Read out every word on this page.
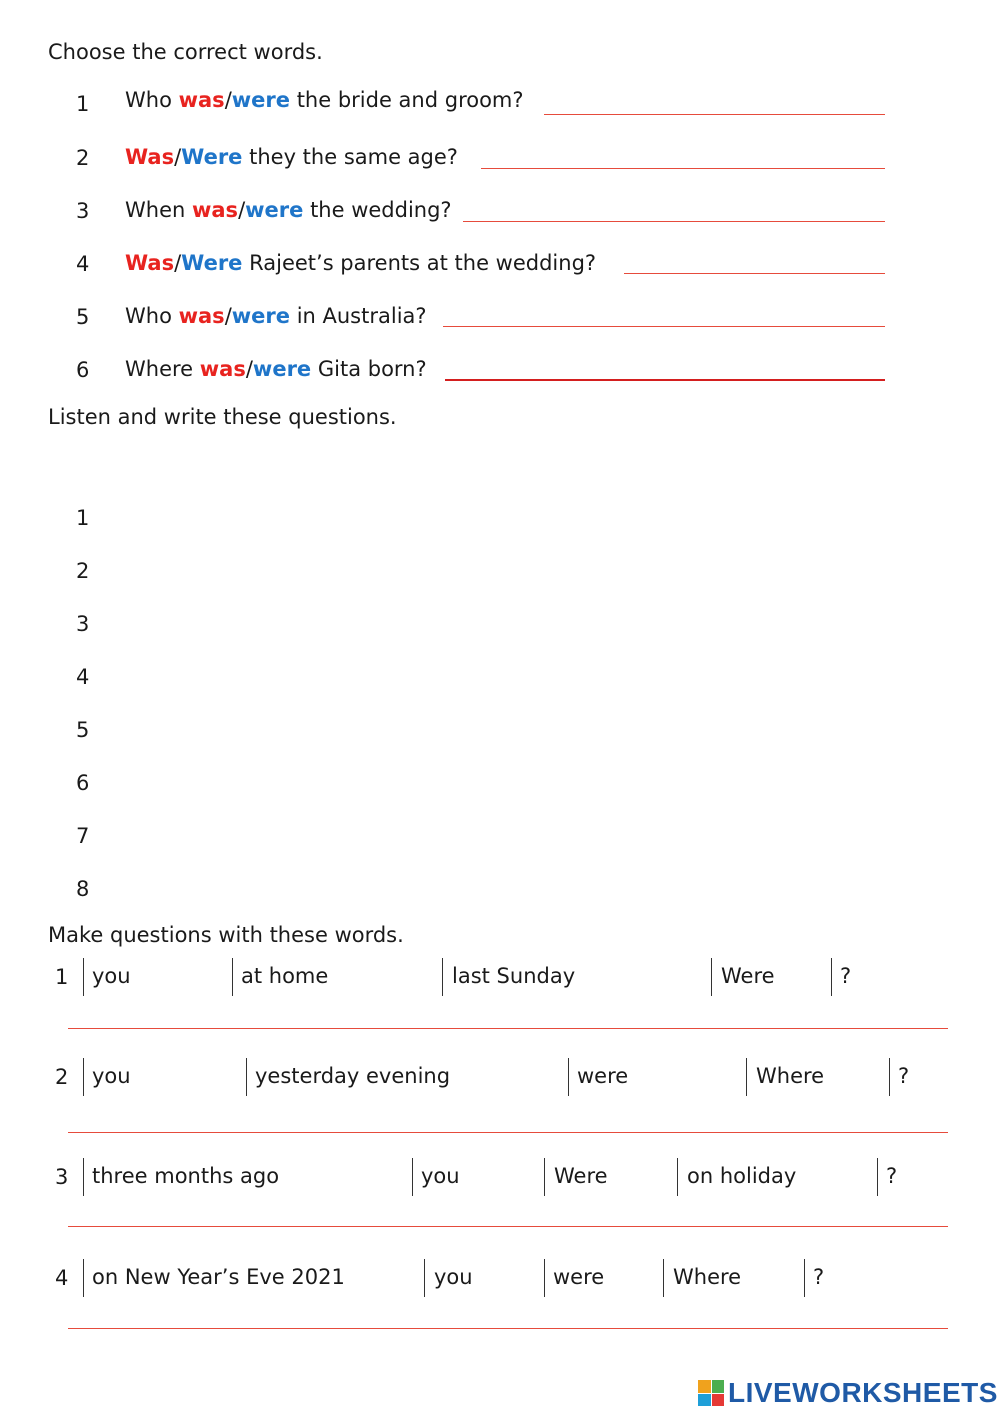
Choose the correct words.
1 Who was/were the bride and groom?
2 Was/Were they the same age?
3 When was/were the wedding?
4 Was/Were Rajeet’s parents at the wedding?
5 Who was/were in Australia?
6 Where was/were Gita born?
Listen and write these questions.
1
2
3
4
5
6
7
8
Make questions with these words.
1 you	at home	last Sunday	Were	?
2 you	yesterday evening	were	Where	?
3 three months ago	you	Were	on holiday	?
4 on New Year’s Eve 2021	you	were	Where	?
LIVEWORKSHEETS
